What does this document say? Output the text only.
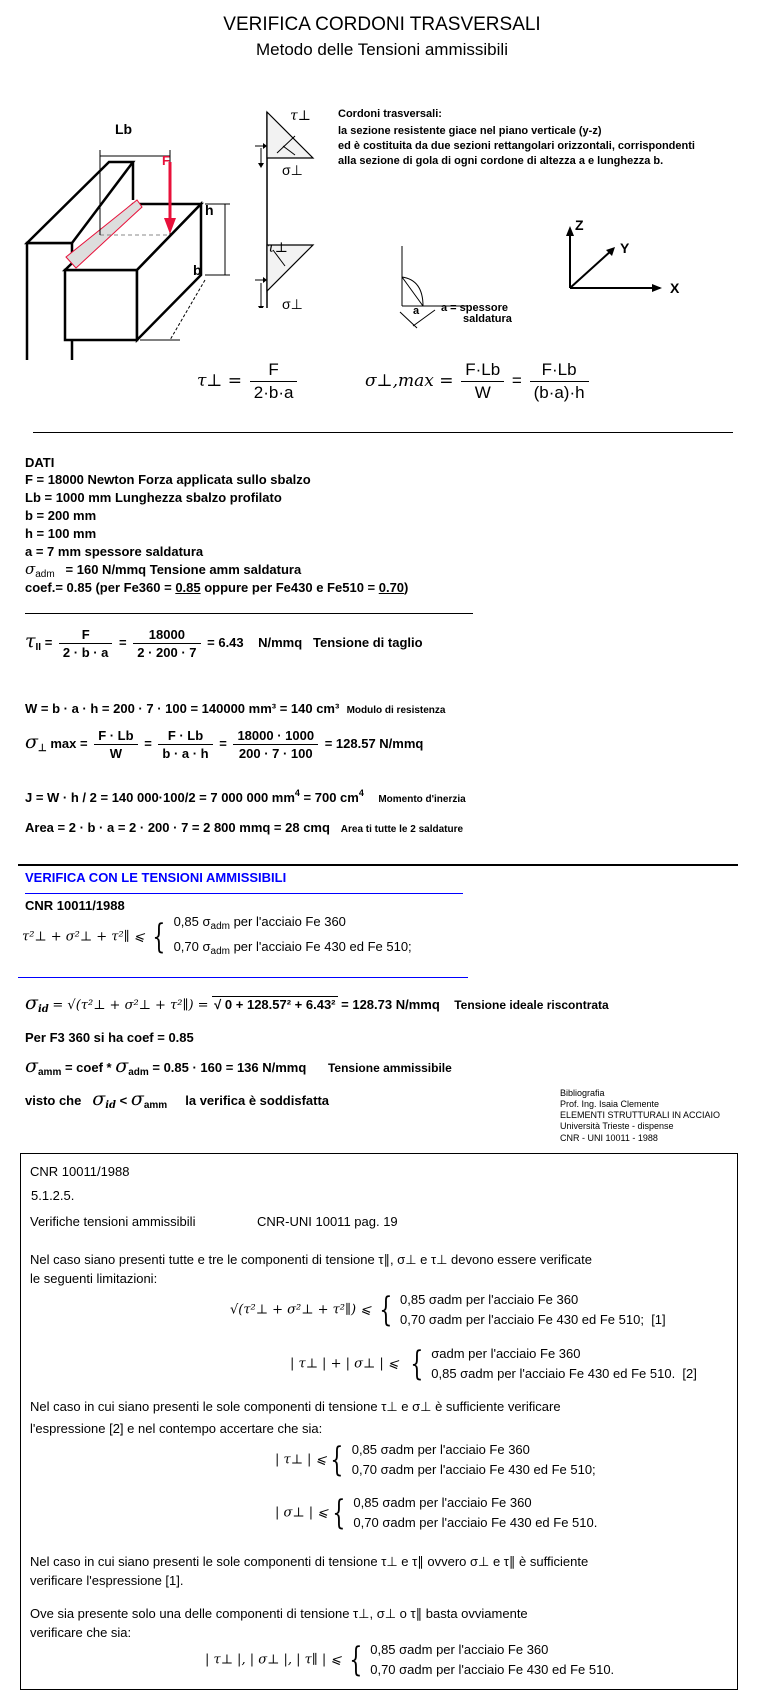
VERIFICA CORDONI TRASVERSALI
Metodo delle Tensioni ammissibili
Lb
F
h
b
τ⊥
σ⊥
τ⊥
σ⊥
Cordoni trasversali:
la sezione resistente giace nel piano verticale (y-z)
ed è costituita da due sezioni rettangolari orizzontali, corrispondenti
alla sezione di gola di ogni cordone di altezza a e lunghezza b.
a a = spessore
saldatura
Z
Y
X
τ⊥ = $\frac{F}{2\cdot b\cdot a}$	σ⊥,max = $\frac{F\cdot Lb}{W} = \frac{F\cdot Lb}{(b\cdot a)\cdot h}$
DATI
F = 18000 Newton Forza applicata sullo sbalzo
Lb = 1000 mm Lunghezza sbalzo profilato
b = 200 mm
h = 100 mm
a = 7 mm spessore saldatura
$\sigma_{adm} = 160$ N/mmq Tensione amm saldatura
coef.= 0.85 (per Fe360 = 0.85 oppure per Fe430 e Fe510 = 0.70)
$\tau_{II} = \frac{F}{2 \cdot b \cdot a} = \frac{18000}{2 \cdot 200 \cdot 7} = 6.43$ N/mmq Tensione di taglio
W = b · a · h = 200 · 7 · 100 = 140000 mm³ = 140 cm³ Modulo di resistenza
$\sigma_\perp$ $\max = \frac{F \cdot Lb}{W} = \frac{F \cdot Lb}{b \cdot a \cdot h} = \frac{18000 \cdot 1000}{200 \cdot 7 \cdot 100} = 128.57$ N/mmq
J = W · h / 2 = 140 000·100/2 = 7 000 000 $mm^4 = 700$ $cm^4$    Momento d'inerzia
Area = 2 · b · a = 2 · 200 · 7 = 2 800 mmq = 28 cmq Area ti tutte le 2 saldature
VERIFICA CON LE TENSIONI AMMISSIBILI
CNR 10011/1988
τ²⊥ + σ²⊥ + τ²∥ ⩽ { 0,85 $\sigma_{adm}$ per l'acciaio Fe 360
0,70 $\sigma_{adm}$ per l'acciaio Fe 430 ed Fe 510;
$\sigma_{id}$ = √(τ²⊥ + σ²⊥ + τ²∥) = √ 0 + 128.57² + 6.43² = 128.73 N/mmq Tensione ideale riscontrata
Per F3 360 si ha coef = 0.85
$\sigma_{amm}$ = coef * $\sigma_{adm} = 0.85 \cdot 160 = 136$ N/mmq Tensione ammissibile
visto che $\sigma_{id} < \sigma_{amm}$ la verifica è soddisfatta	Bibliografia
Prof. Ing. Isaia Clemente
ELEMENTI STRUTTURALI IN ACCIAIO
Università Trieste - dispense
CNR - UNI 10011 - 1988
CNR 10011/1988
5.1.2.5.
Verifiche tensioni ammissibili	CNR-UNI 10011 pag. 19
Nel caso siano presenti tutte e tre le componenti di tensione τ∥, σ⊥ e τ⊥ devono essere verificate
le seguenti limitazioni:
√(τ²⊥ + σ²⊥ + τ²∥) ⩽ { 0,85 σadm per l'acciaio Fe 360
0,70 σadm per l'acciaio Fe 430 ed Fe 510; [1]
| τ⊥ | + | σ⊥ | ⩽ { σadm per l'acciaio Fe 360
0,85 σadm per l'acciaio Fe 430 ed Fe 510. [2]
Nel caso in cui siano presenti le sole componenti di tensione τ⊥ e σ⊥ è sufficiente verificare
l'espressione [2] e nel contempo accertare che sia:
| τ⊥ | ⩽ { 0,85 σadm per l'acciaio Fe 360
0,70 σadm per l'acciaio Fe 430 ed Fe 510;
| σ⊥ | ⩽ { 0,85 σadm per l'acciaio Fe 360
0,70 σadm per l'acciaio Fe 430 ed Fe 510.
Nel caso in cui siano presenti le sole componenti di tensione τ⊥ e τ∥ ovvero σ⊥ e τ∥ è sufficiente
verificare l'espressione [1].
Ove sia presente solo una delle componenti di tensione τ⊥, σ⊥ o τ∥ basta ovviamente
verificare che sia:
| τ⊥ |, | σ⊥ |, | τ∥ | ⩽ { 0,85 σadm per l'acciaio Fe 360
0,70 σadm per l'acciaio Fe 430 ed Fe 510.
